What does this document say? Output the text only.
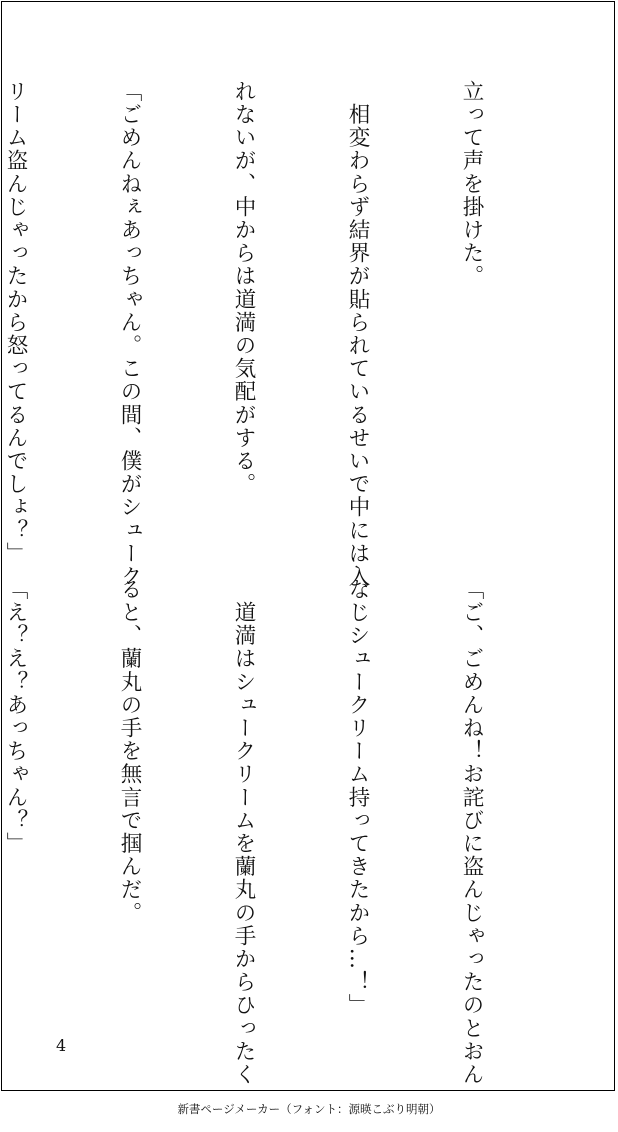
立って声を掛けた。

　相変わらず結界が貼られているせいで中には入

れないが、中からは道満の気配がする。

「ごめんねぇあっちゃん。この間、僕がシューク

リーム盗んじゃったから怒ってるんでしょ？」

「ご、ごめんね！お詫びに盗んじゃったのとおん

なじシュークリーム持ってきたから…！」

　道満はシュークリームを蘭丸の手からひったく

ると、蘭丸の手を無言で掴んだ。

「え？え？あっちゃん？」

4
新書ページメーカー（フォント：源暎こぶり明朝）
